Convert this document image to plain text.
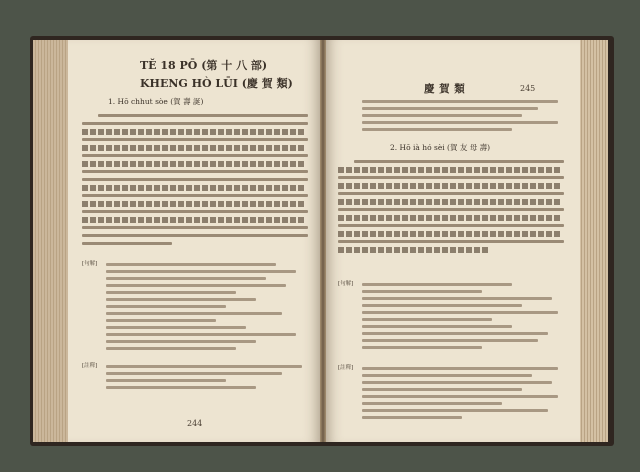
TĚ 18 PŌ (第 十 八 部)
KHENG HÒ LŪI (慶 賀 類)
1. Hō chhut sòe (賀 壽 誕)
[句解]
[註釋]
244
慶 賀 類	245
2. Hō ià hó sèi (賀 友 母 壽)
[句解]
[註釋]
